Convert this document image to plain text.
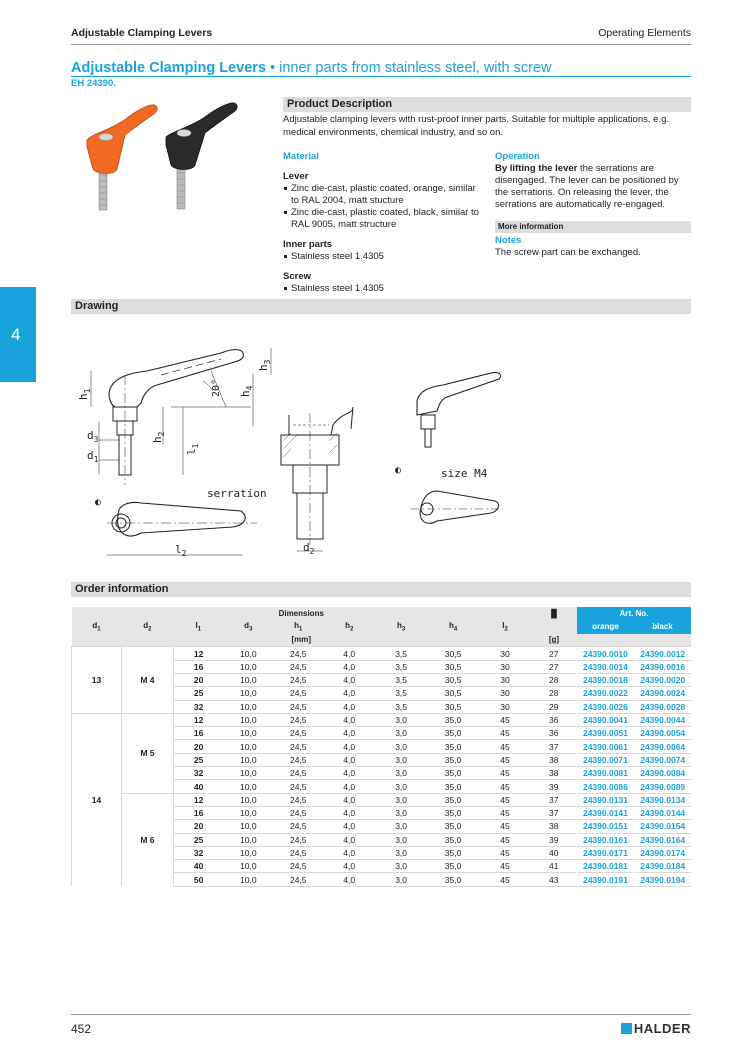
Adjustable Clamping Levers	Operating Elements
Adjustable Clamping Levers • inner parts from stainless steel, with screw
EH 24390.
4
Product Description
Adjustable clamping levers with rust-proof inner parts. Suitable for multiple applications, e.g. medical environments, chemical industry, and so on.
Material
Lever
Zinc die-cast, plastic coated, orange, similar to RAL 2004, matt stucture
Zinc die-cast, plastic coated, black, similar to RAL 9005, matt structure
Inner parts
Stainless steel 1.4305
Screw
Stainless steel 1.4305
Operation
By lifting the lever the serrations are disengaged. The lever can be positioned by the serrations. On releasing the lever, the serrations are automatically re-engaged.
More information
Notes
The screw part can be exchanged.
Drawing
$h_1$
$d_3$
$d_1$
$h_2$
$l_1$
20° $h_4$
$h_3$
serration
◐
$l_2$	$d_2$
◐	size M4
Order information
Dimensions									█	Art. No.	
$d_1$	$d_2$	$l_1$	$d_3$	$h_1$	$h_2$	$h_3$	$h_4$	$l_2$		orange	black
[mm]									[g]		
13	M 4	12	10,0	24,5	4,0	3,5	30,5	30	27	24390.0010	24390.0012
		16	10,0	24,5	4,0	3,5	30,5	30	27	24390.0014	24390.0016
		20	10,0	24,5	4,0	3,5	30,5	30	28	24390.0018	24390.0020
		25	10,0	24,5	4,0	3,5	30,5	30	28	24390.0022	24390.0024
		32	10,0	24,5	4,0	3,5	30,5	30	29	24390.0026	24390.0028
14	M 5	12	10,0	24,5	4,0	3,0	35,0	45	36	24390.0041	24390.0044
		16	10,0	24,5	4,0	3,0	35,0	45	36	24390.0051	24390.0054
		20	10,0	24,5	4,0	3,0	35,0	45	37	24390.0061	24390.0064
		25	10,0	24,5	4,0	3,0	35,0	45	38	24390.0071	24390.0074
		32	10,0	24,5	4,0	3,0	35,0	45	38	24390.0081	24390.0084
		40	10,0	24,5	4,0	3,0	35,0	45	39	24390.0086	24390.0089
	M 6	12	10,0	24,5	4,0	3,0	35,0	45	37	24390.0131	24390.0134
		16	10,0	24,5	4,0	3,0	35,0	45	37	24390.0141	24390.0144
		20	10,0	24,5	4,0	3,0	35,0	45	38	24390.0151	24390.0154
		25	10,0	24,5	4,0	3,0	35,0	45	39	24390.0161	24390.0164
		32	10,0	24,5	4,0	3,0	35,0	45	40	24390.0171	24390.0174
		40	10,0	24,5	4,0	3,0	35,0	45	41	24390.0181	24390.0184
		50	10,0	24,5	4,0	3,0	35,0	45	43	24390.0191	24390.0194
452	HALDER
